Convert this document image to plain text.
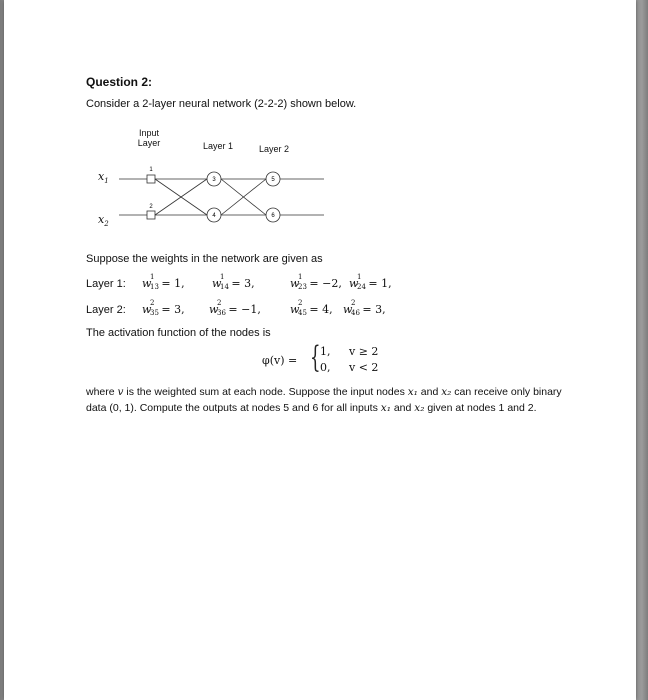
Question 2:
Consider a 2-layer neural network (2-2-2) shown below.
Input
Layer	Layer 1	Layer 2
$x_1$
$x_2$
1
2
3
4
5
6
Suppose the weights in the network are given as
Layer 1: w
1
13 = 1, w
1
14 = 3,	w
1
23 = −2, w
1
24 = 1,
Layer 2: w
2
35 = 3, w
2
36 = −1,	w
2
45 = 4, w
2
46 = 3,
The activation function of the nodes is
φ(v) = { 1, v ≥ 2
0, v < 2
where v is the weighted sum at each node. Suppose the input nodes x₁ and x₂ can receive only binary data (0, 1). Compute the outputs at nodes 5 and 6 for all inputs x₁ and x₂ given at nodes 1 and 2.
